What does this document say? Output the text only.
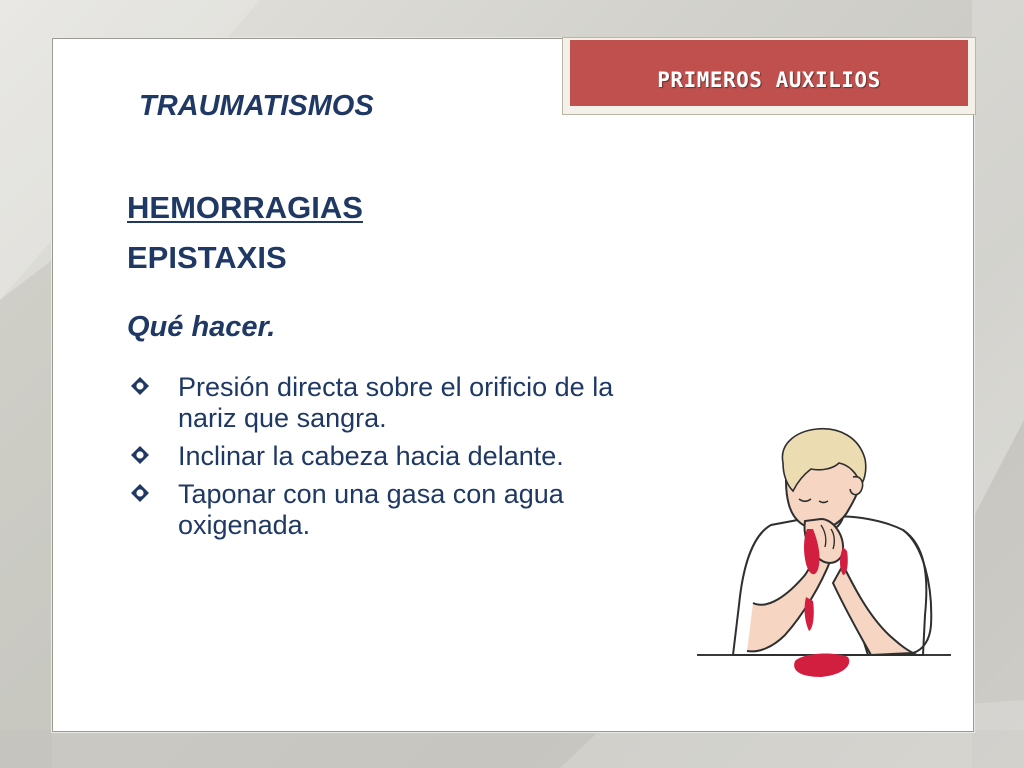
PRIMEROS AUXILIOS
TRAUMATISMOS
HEMORRAGIAS
EPISTAXIS
Qué hacer.
Presión directa sobre el orificio de la nariz que sangra.
Inclinar la cabeza hacia delante.
Taponar con una gasa con agua oxigenada.
